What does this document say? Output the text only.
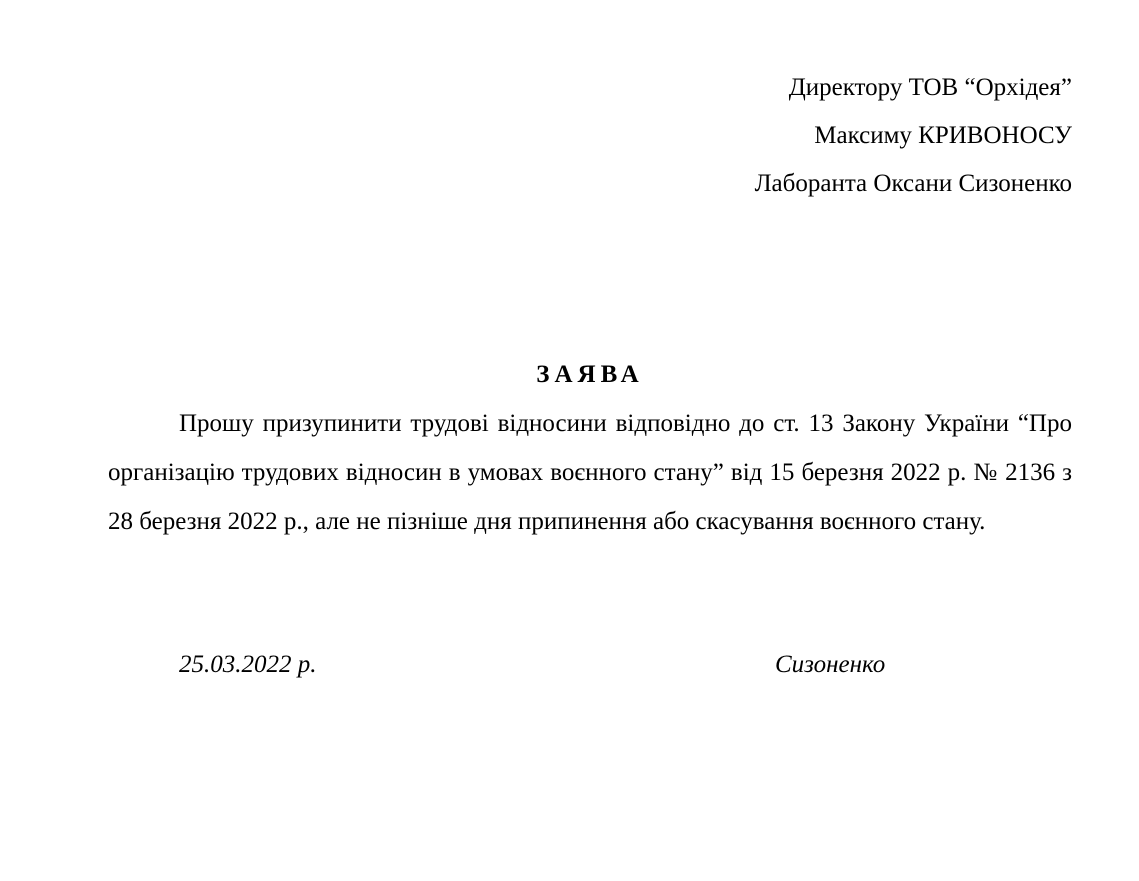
Директору ТОВ “Орхідея”
Максиму КРИВОНОСУ
Лаборанта Оксани Сизоненко
ЗАЯВА

Прошу призупинити трудові відносини відповідно до ст. 13 Закону України “Про організацію трудових відносин в умовах воєнного стану” від 15 березня 2022 р. № 2136 з 28 березня 2022 р., але не пізніше дня припинення або скасування воєнного стану.

25.03.2022 р.	Сизоненко
